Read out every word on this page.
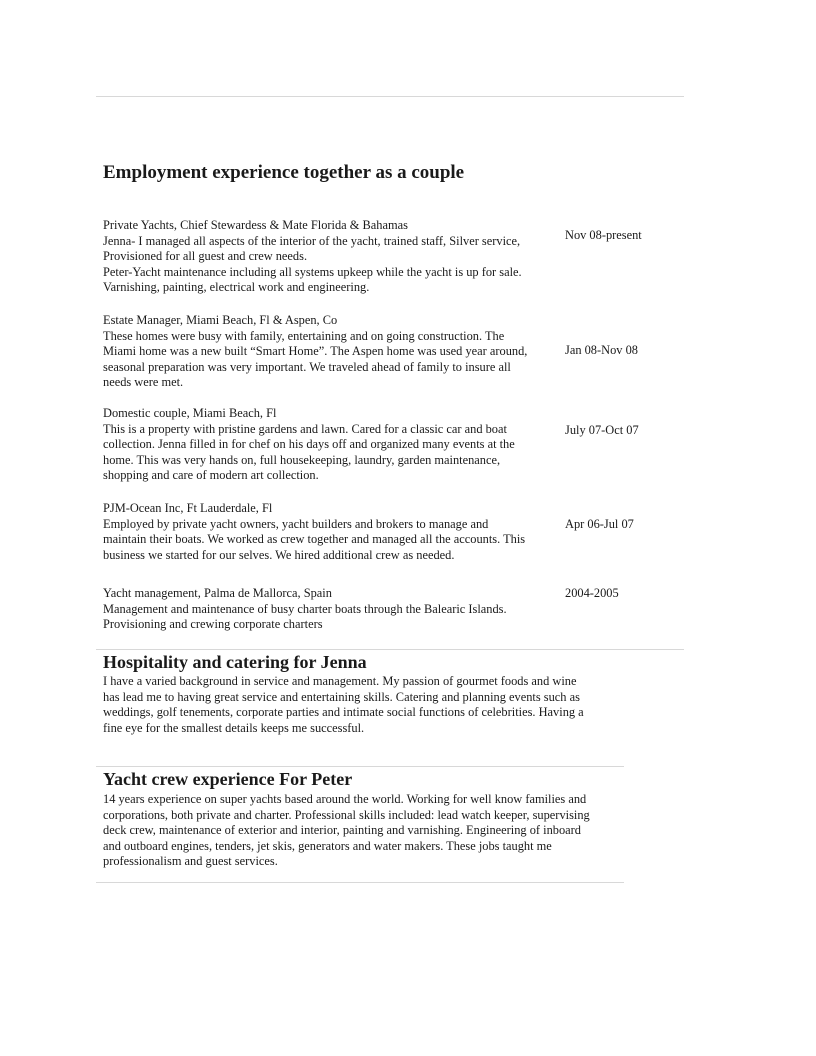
Employment experience together as a couple
Private Yachts, Chief Stewardess & Mate Florida & Bahamas
Jenna- I managed all aspects of the interior of the yacht, trained staff, Silver service,
Provisioned for all guest and crew needs.
Peter-Yacht maintenance including all systems upkeep while the yacht is up for sale.
Varnishing, painting, electrical work and engineering.
Nov 08-present
Estate Manager, Miami Beach, Fl & Aspen, Co
These homes were busy with family, entertaining and on going construction. The
Miami home was a new built “Smart Home”. The Aspen home was used year around,
seasonal preparation was very important. We traveled ahead of family to insure all
needs were met.
Jan 08-Nov 08
Domestic couple, Miami Beach, Fl
This is a property with pristine gardens and lawn. Cared for a classic car and boat
collection. Jenna filled in for chef on his days off and organized many events at the
home. This was very hands on, full housekeeping, laundry, garden maintenance,
shopping and care of modern art collection.
July 07-Oct 07
PJM-Ocean Inc, Ft Lauderdale, Fl
Employed by private yacht owners, yacht builders and brokers to manage and
maintain their boats. We worked as crew together and managed all the accounts. This
business we started for our selves. We hired additional crew as needed.
Apr 06-Jul 07
Yacht management, Palma de Mallorca, Spain
Management and maintenance of busy charter boats through the Balearic Islands.
Provisioning and crewing corporate charters
2004-2005
Hospitality and catering for Jenna
I have a varied background in service and management. My passion of gourmet foods and wine
has lead me to having great service and entertaining skills. Catering and planning events such as
weddings, golf tenements, corporate parties and intimate social functions of celebrities. Having a
fine eye for the smallest details keeps me successful.
Yacht crew experience For Peter
14 years experience on super yachts based around the world. Working for well know families and
corporations, both private and charter. Professional skills included: lead watch keeper, supervising
deck crew, maintenance of exterior and interior, painting and varnishing. Engineering of inboard
and outboard engines, tenders, jet skis, generators and water makers. These jobs taught me
professionalism and guest services.
